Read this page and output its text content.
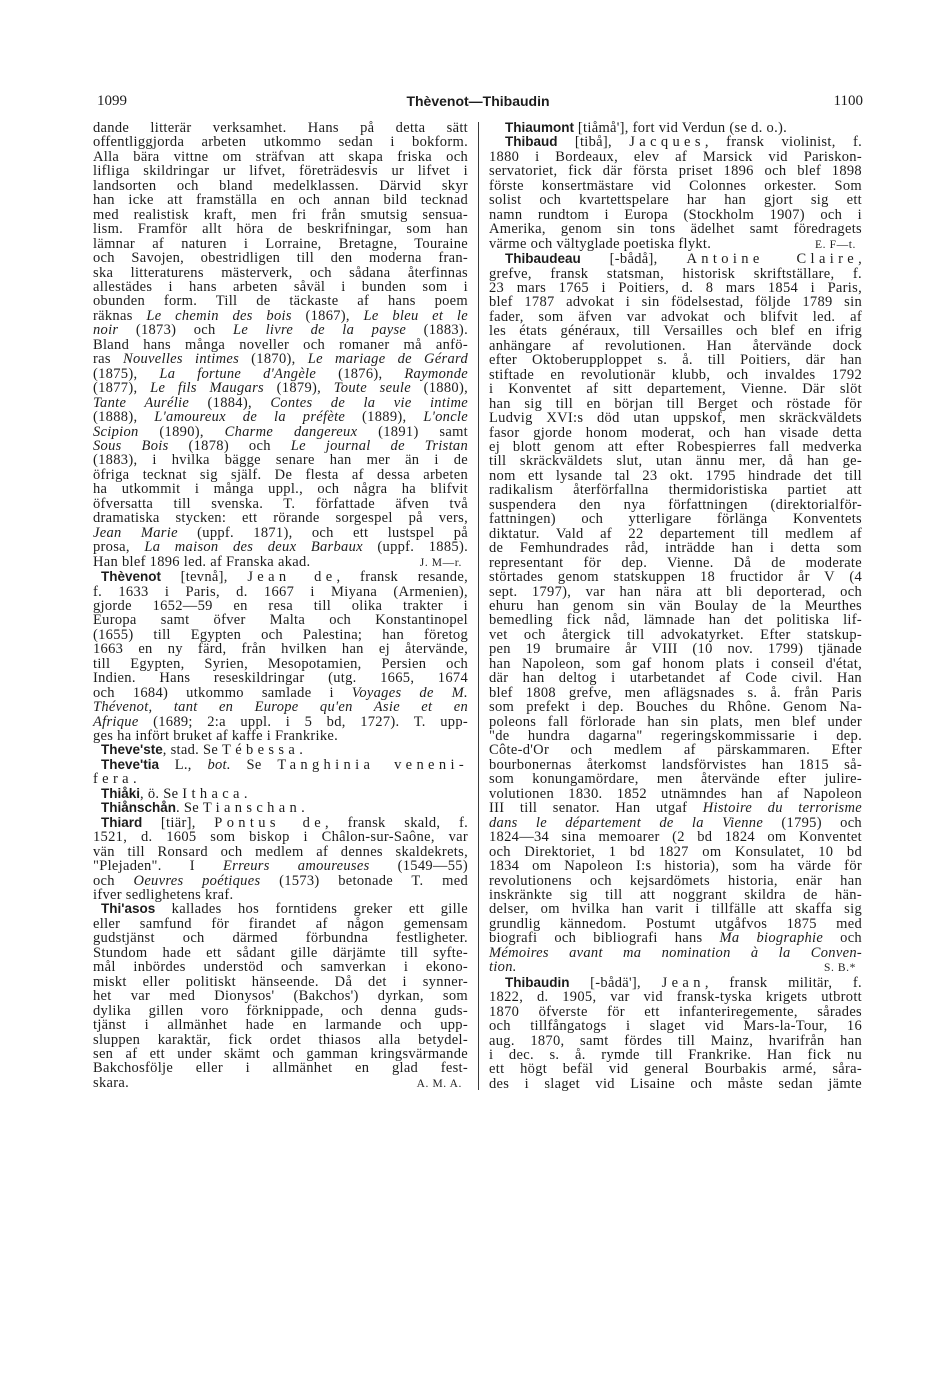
1099	Thèvenot—Thibaudin	1100
dande litterär verksamhet. Hans på detta sätt
offentliggjorda arbeten utkommo sedan i bokform.
Alla bära vittne om sträfvan att skapa friska och
lifliga skildringar ur lifvet, företrädesvis ur lifvet i
landsorten och bland medelklassen. Därvid skyr
han icke att framställa en och annan bild tecknad
med realistisk kraft, men fri från smutsig sensua-
lism. Framför allt höra de beskrifningar, som han
lämnar af naturen i Lorraine, Bretagne, Touraine
och Savojen, obestridligen till den moderna fran-
ska litteraturens mästerverk, och sådana återfinnas
allestädes i hans arbeten såväl i bunden som i
obunden form. Till de täckaste af hans poem
räknas Le chemin des bois (1867), Le bleu et le
noir (1873) och Le livre de la payse (1883).
Bland hans många noveller och romaner må anfö-
ras Nouvelles intimes (1870), Le mariage de Gérard
(1875), La fortune d'Angèle (1876), Raymonde
(1877), Le fils Maugars (1879), Toute seule (1880),
Tante Aurélie (1884), Contes de la vie intime
(1888), L'amoureux de la préfète (1889), L'oncle
Scipion (1890), Charme dangereux (1891) samt
Sous Bois (1878) och Le journal de Tristan
(1883), i hvilka bägge senare han mer än i de
öfriga tecknat sig själf. De flesta af dessa arbeten
ha utkommit i många uppl., och några ha blifvit
öfversatta till svenska. T. författade äfven två
dramatiska stycken: ett rörande sorgespel på vers,
Jean Marie (uppf. 1871), och ett lustspel på
prosa, La maison des deux Barbaux (uppf. 1885).
Han blef 1896 led. af Franska akad.	J. M—r.
Thèvenot [tevnå], Jean de, fransk resande,
f. 1633 i Paris, d. 1667 i Miyana (Armenien),
gjorde 1652—59 en resa till olika trakter i
Europa samt öfver Malta och Konstantinopel
(1655) till Egypten och Palestina; han företog
1663 en ny färd, från hvilken han ej återvände,
till Egypten, Syrien, Mesopotamien, Persien och
Indien. Hans reseskildringar (utg. 1665, 1674
och 1684) utkommo samlade i Voyages de M.
Thévenot, tant en Europe qu'en Asie et en
Afrique (1689; 2:a uppl. i 5 bd, 1727). T. upp-
ges ha infört bruket af kaffe i Frankrike.
Theve'ste, stad. Se Tébessa.
Theve'tia L., bot. Se Tanghinia veneni-
fera.
Thiåki, ö. Se Ithaca.
Thiånschån. Se Tianschan.
Thiard [tiär], Pontus de, fransk skald, f.
1521, d. 1605 som biskop i Châlon-sur-Saône, var
vän till Ronsard och medlem af dennes skaldekrets,
"Plejaden". I Erreurs amoureuses (1549—55)
och Oeuvres poétiques (1573) betonade T. med
ifver sedlighetens kraf.
Thi'asos kallades hos forntidens greker ett gille
eller samfund för firandet af någon gemensam
gudstjänst och därmed förbundna festligheter.
Stundom hade ett sådant gille därjämte till syfte-
mål inbördes understöd och samverkan i ekono-
miskt eller politiskt hänseende. Då det i synner-
het var med Dionysos' (Bakchos') dyrkan, som
dylika gillen voro förknippade, och denna guds-
tjänst i allmänhet hade en larmande och upp-
sluppen karaktär, fick ordet thiasos alla betydel-
sen af ett under skämt och gamman kringsvärmande
Bakchosfölje eller i allmänhet en glad fest-
skara.	A. M. A.
Thiaumont [tiåmå'], fort vid Verdun (se d. o.).
Thibaud [tibå], Jacques, fransk violinist, f.
1880 i Bordeaux, elev af Marsick vid Pariskon-
servatoriet, fick där första priset 1896 och blef 1898
förste konsertmästare vid Colonnes orkester. Som
solist och kvartettspelare har han gjort sig ett
namn rundtom i Europa (Stockholm 1907) och i
Amerika, genom sin tons ädelhet samt föredragets
värme och vältyglade poetiska flykt.	E. F—t.
Thibaudeau [-bådå], Antoine Claire,
grefve, fransk statsman, historisk skriftställare, f.
23 mars 1765 i Poitiers, d. 8 mars 1854 i Paris,
blef 1787 advokat i sin födelsestad, följde 1789 sin
fader, som äfven var advokat och blifvit led. af
les états généraux, till Versailles och blef en ifrig
anhängare af revolutionen. Han återvände dock
efter Oktoberupploppet s. å. till Poitiers, där han
stiftade en revolutionär klubb, och invaldes 1792
i Konventet af sitt departement, Vienne. Där slöt
han sig till en början till Berget och röstade för
Ludvig XVI:s död utan uppskof, men skräckväldets
fasor gjorde honom moderat, och han visade detta
ej blott genom att efter Robespierres fall medverka
till skräckväldets slut, utan ännu mer, då han ge-
nom ett lysande tal 23 okt. 1795 hindrade det till
radikalism återförfallna thermidoristiska partiet att
suspendera den nya författningen (direktorialför-
fattningen) och ytterligare förlänga Konventets
diktatur. Vald af 22 departement till medlem af
de Femhundrades råd, inträdde han i detta som
representant för dep. Vienne. Då de moderate
störtades genom statskuppen 18 fructidor år V (4
sept. 1797), var han nära att bli deporterad, och
ehuru han genom sin vän Boulay de la Meurthes
bemedling fick nåd, lämnade han det politiska lif-
vet och återgick till advokatyrket. Efter statskup-
pen 19 brumaire år VIII (10 nov. 1799) tjänade
han Napoleon, som gaf honom plats i conseil d'état,
där han deltog i utarbetandet af Code civil. Han
blef 1808 grefve, men aflägsnades s. å. från Paris
som prefekt i dep. Bouches du Rhône. Genom Na-
poleons fall förlorade han sin plats, men blef under
"de hundra dagarna" regeringskommissarie i dep.
Côte-d'Or och medlem af pärskammaren. Efter
bourbonernas återkomst landsförvistes han 1815 så-
som konungamördare, men återvände efter julire-
volutionen 1830. 1852 utnämndes han af Napoleon
III till senator. Han utgaf Histoire du terrorisme
dans le département de la Vienne (1795) och
1824—34 sina memoarer (2 bd 1824 om Konventet
och Direktoriet, 1 bd 1827 om Konsulatet, 10 bd
1834 om Napoleon I:s historia), som ha värde för
revolutionens och kejsardömets historia, enär han
inskränkte sig till att noggrant skildra de hän-
delser, om hvilka han varit i tillfälle att skaffa sig
grundlig kännedom. Postumt utgåfvos 1875 med
biografi och bibliografi hans Ma biographie och
Mémoires avant ma nomination à la Conven-
tion.	S. B.*
Thibaudin [-bådä'], Jean, fransk militär, f.
1822, d. 1905, var vid fransk-tyska krigets utbrott
1870 öfverste för ett infanteriregemente, sårades
och tillfångatogs i slaget vid Mars-la-Tour, 16
aug. 1870, samt fördes till Mainz, hvarifrån han
i dec. s. å. rymde till Frankrike. Han fick nu
ett högt befäl vid general Bourbakis armé, såra-
des i slaget vid Lisaine och måste sedan jämte
